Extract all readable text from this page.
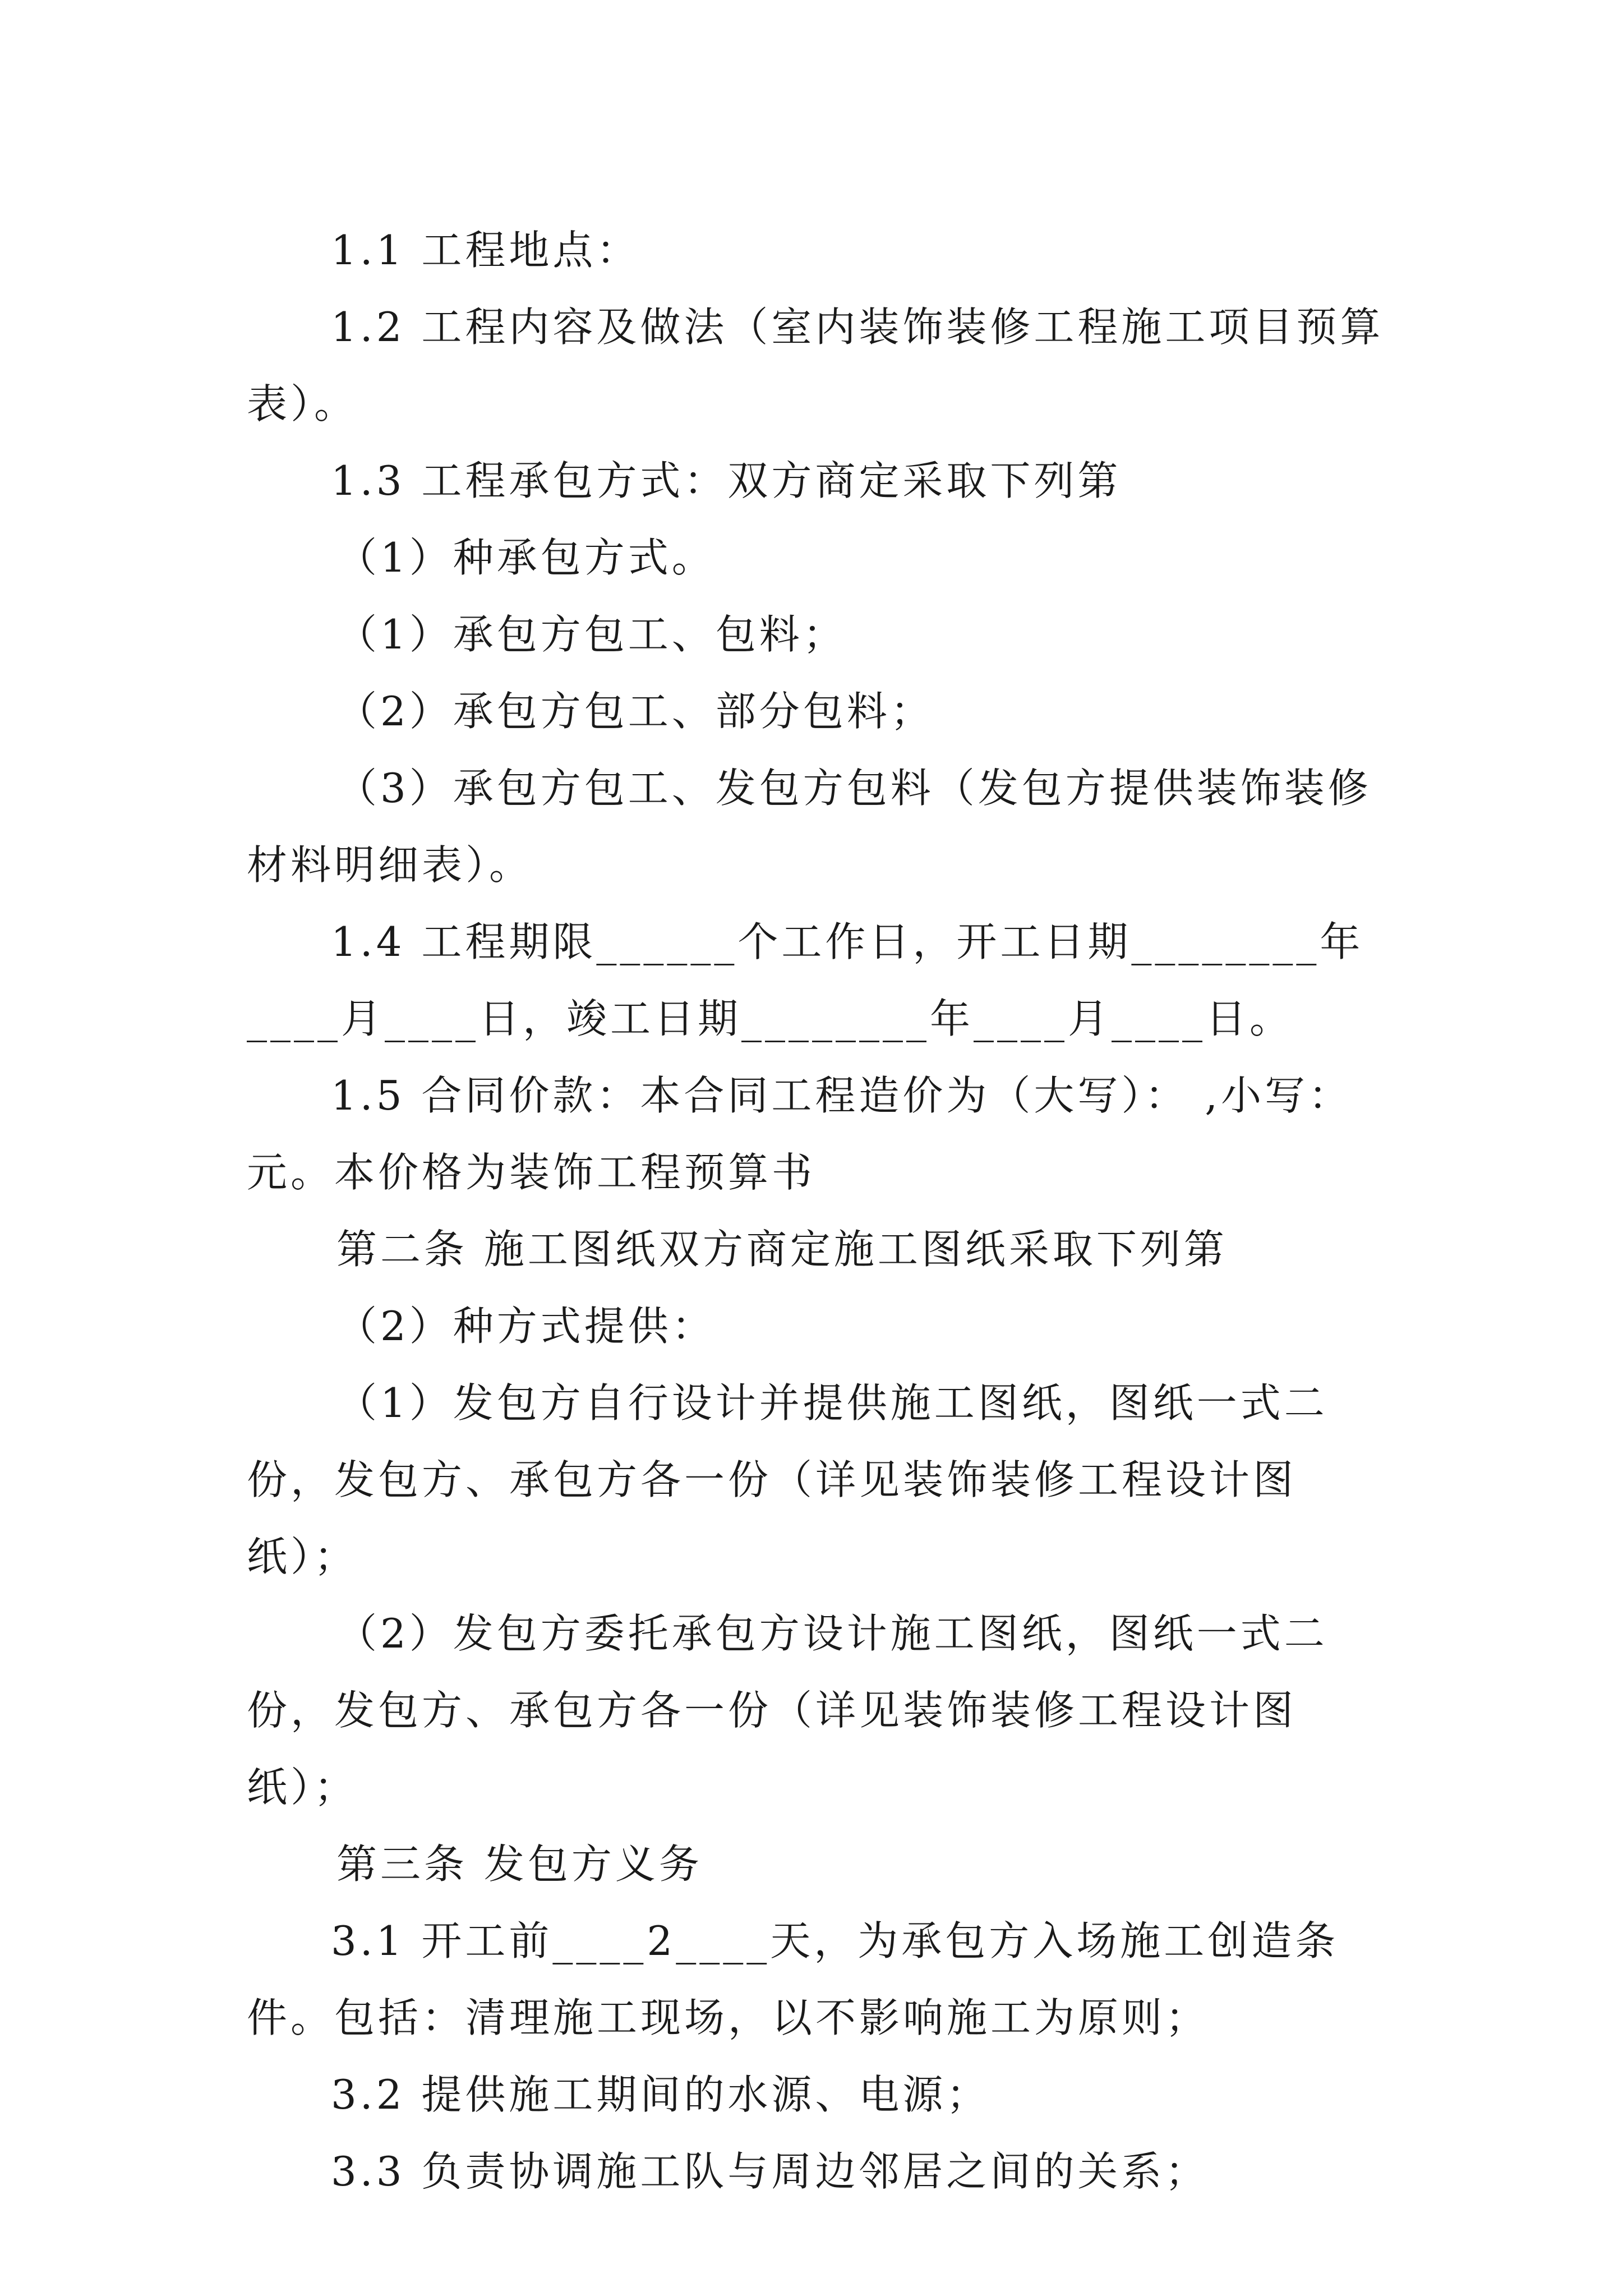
1.1 工程地点：

1.2 工程内容及做法（室内装饰装修工程施工项目预算表）。

1.3 工程承包方式：双方商定采取下列第

（1）种承包方式。

（1）承包方包工、包料；

（2）承包方包工、部分包料；

（3）承包方包工、发包方包料（发包方提供装饰装修材料明细表）。

1.4 工程期限______个工作日，开工日期________年____月____日，竣工日期________年____月____日。

1.5 合同价款：本合同工程造价为（大写）： ,小写：元。本价格为装饰工程预算书

第二条 施工图纸双方商定施工图纸采取下列第

（2）种方式提供：

（1）发包方自行设计并提供施工图纸，图纸一式二份，发包方、承包方各一份（详见装饰装修工程设计图纸）；

（2）发包方委托承包方设计施工图纸，图纸一式二份，发包方、承包方各一份（详见装饰装修工程设计图纸）；

第三条 发包方义务

3.1 开工前____2____天，为承包方入场施工创造条件。包括：清理施工现场，以不影响施工为原则；

3.2 提供施工期间的水源、电源；

3.3 负责协调施工队与周边邻居之间的关系；
